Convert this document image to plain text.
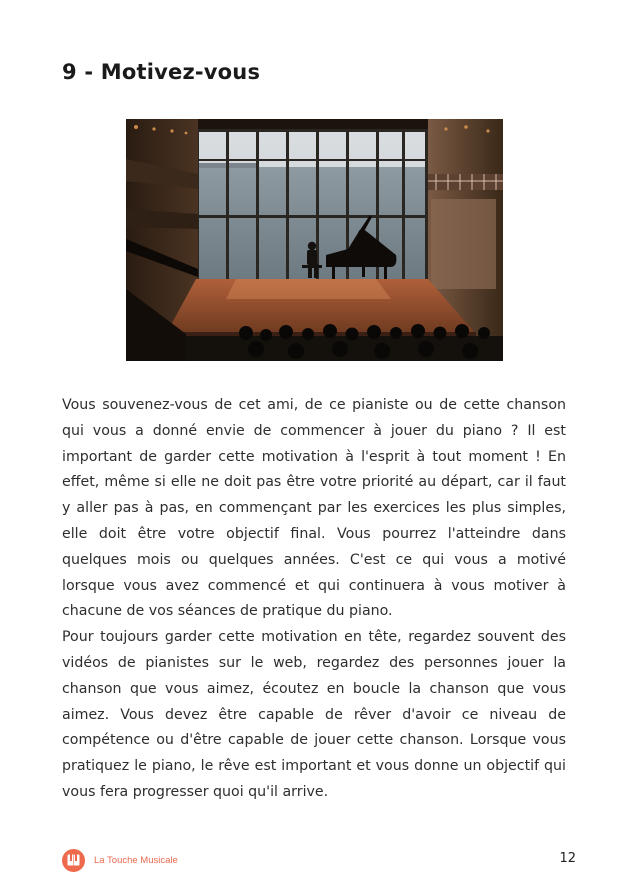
9 - Motivez-vous

Vous souvenez-vous de cet ami, de ce pianiste ou de cette chanson qui vous a donné envie de commencer à jouer du piano ? Il est important de garder cette motivation à l'esprit à tout moment ! En effet, même si elle ne doit pas être votre priorité au départ, car il faut y aller pas à pas, en commençant par les exercices les plus simples, elle doit être votre objectif final. Vous pourrez l'atteindre dans quelques mois ou quelques années. C'est ce qui vous a motivé lorsque vous avez commencé et qui continuera à vous motiver à chacune de vos séances de pratique du piano.

Pour toujours garder cette motivation en tête, regardez souvent des vidéos de pianistes sur le web, regardez des personnes jouer la chanson que vous aimez, écoutez en boucle la chanson que vous aimez. Vous devez être capable de rêver d'avoir ce niveau de compétence ou d'être capable de jouer cette chanson. Lorsque vous pratiquez le piano, le rêve est important et vous donne un objectif qui vous fera progresser quoi qu'il arrive.

La Touche Musicale	12
